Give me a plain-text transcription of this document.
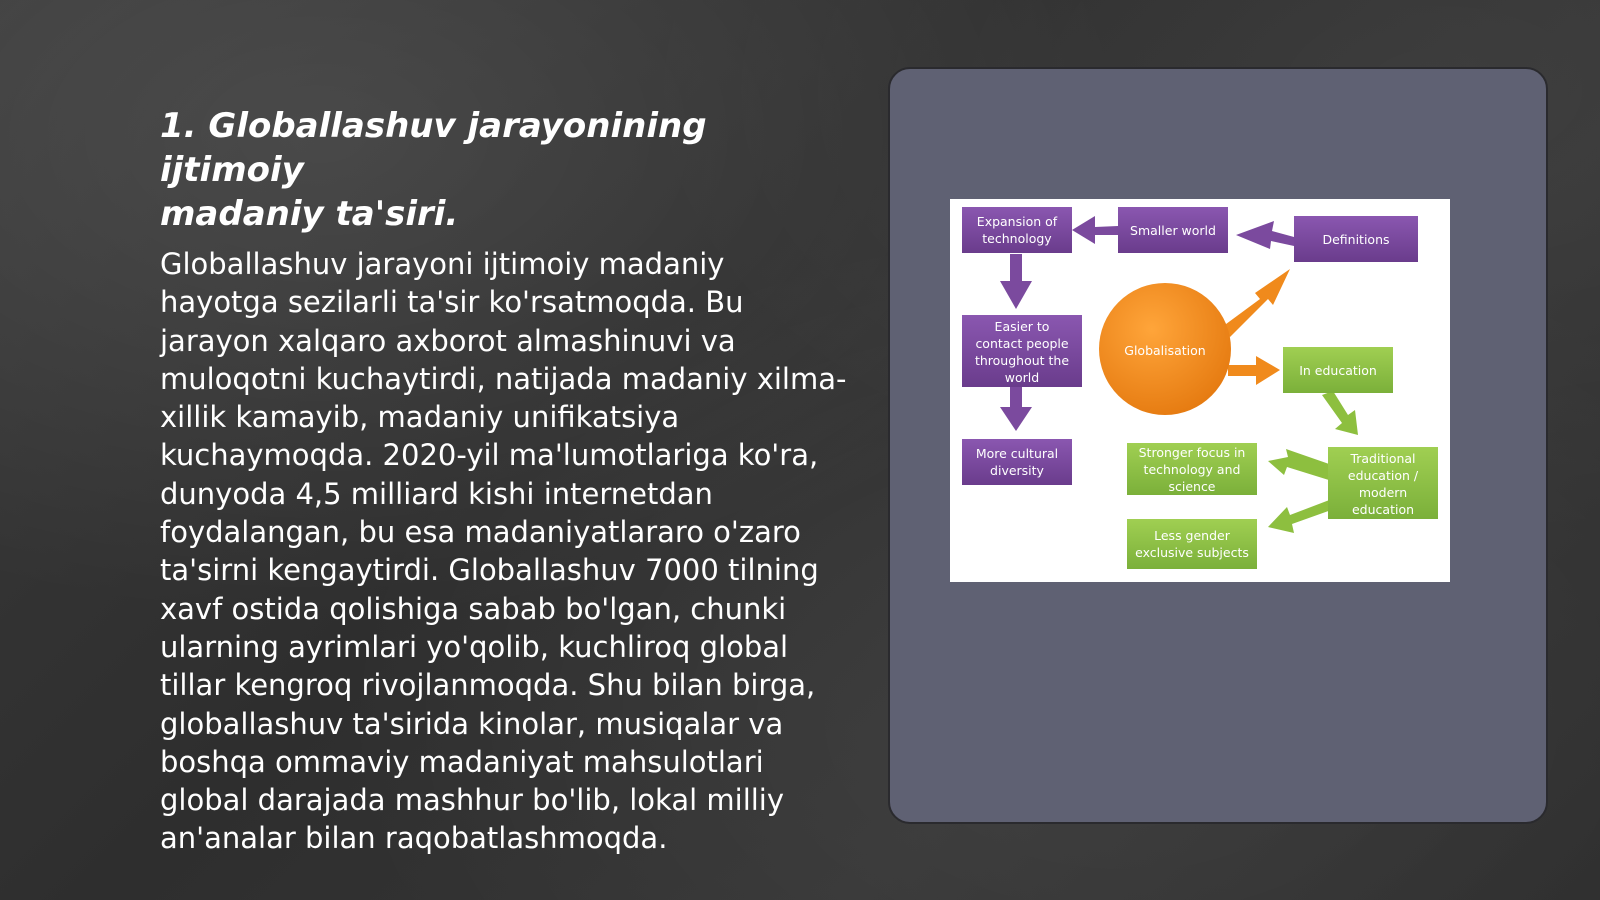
1. Globallashuv jarayonining ijtimoiy
madaniy ta'siri.
Globallashuv jarayoni ijtimoiy madaniy hayotga sezilarli ta'sir ko'rsatmoqda. Bu jarayon xalqaro axborot almashinuvi va muloqotni kuchaytirdi, natijada madaniy xilma-xillik kamayib, madaniy unifikatsiya kuchaymoqda. 2020-yil ma'lumotlariga ko'ra, dunyoda 4,5 milliard kishi internetdan foydalangan, bu esa madaniyatlararo o'zaro ta'sirni kengaytirdi. Globallashuv 7000 tilning xavf ostida qolishiga sabab bo'lgan, chunki ularning ayrimlari yo'qolib, kuchliroq global tillar kengroq rivojlanmoqda. Shu bilan birga, globallashuv ta'sirida kinolar, musiqalar va boshqa ommaviy madaniyat mahsulotlari global darajada mashhur bo'lib, lokal milliy an'analar bilan raqobatlashmoqda.
Globalisation
Expansion of
technology
Smaller world
Definitions
Easier to
contact people
throughout the
world
More cultural
diversity
In education
Stronger focus in
technology and
science
Traditional
education /
modern
education
Less gender
exclusive subjects
